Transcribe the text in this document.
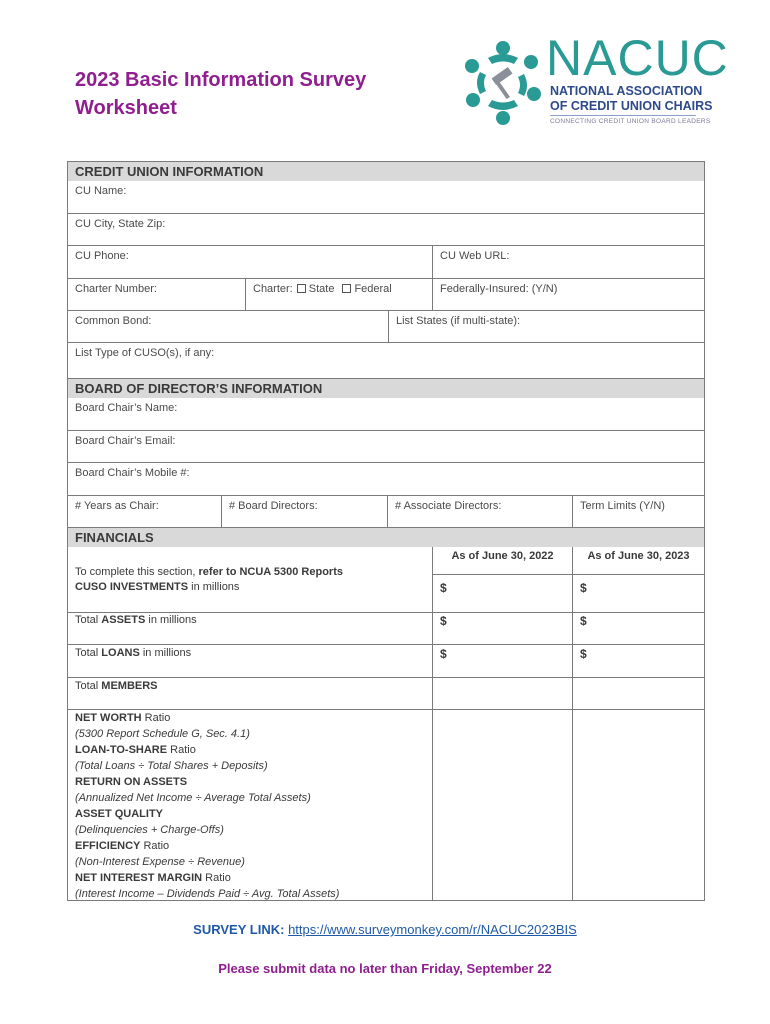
2023 Basic Information Survey
Worksheet
NACUC
NATIONAL ASSOCIATION
OF CREDIT UNION CHAIRS
CONNECTING CREDIT UNION BOARD LEADERS
CREDIT UNION INFORMATION
CU Name:
CU City, State Zip:
CU Phone:	CU Web URL:
Charter Number:	Charter: State Federal	Federally-Insured: (Y/N)
Common Bond:	List States (if multi-state):
List Type of CUSO(s), if any:
BOARD OF DIRECTOR’S INFORMATION
Board Chair’s Name:
Board Chair’s Email:
Board Chair’s Mobile #:
# Years as Chair:	# Board Directors:	# Associate Directors:	Term Limits (Y/N)
FINANCIALS
As of June 30, 2022	As of June 30, 2023
To complete this section, refer to NCUA 5300 Reports
CUSO INVESTMENTS in millions	$	$
Total ASSETS in millions	$	$
Total LOANS in millions	$	$
Total MEMBERS
NET WORTH Ratio
(5300 Report Schedule G, Sec. 4.1)
LOAN-TO-SHARE Ratio
(Total Loans ÷ Total Shares + Deposits)
RETURN ON ASSETS
(Annualized Net Income ÷ Average Total Assets)
ASSET QUALITY
(Delinquencies + Charge-Offs)
EFFICIENCY Ratio
(Non-Interest Expense ÷ Revenue)
NET INTEREST MARGIN Ratio
(Interest Income – Dividends Paid ÷ Avg. Total Assets)
SURVEY LINK: https://www.surveymonkey.com/r/NACUC2023BIS
Please submit data no later than Friday, September 22
